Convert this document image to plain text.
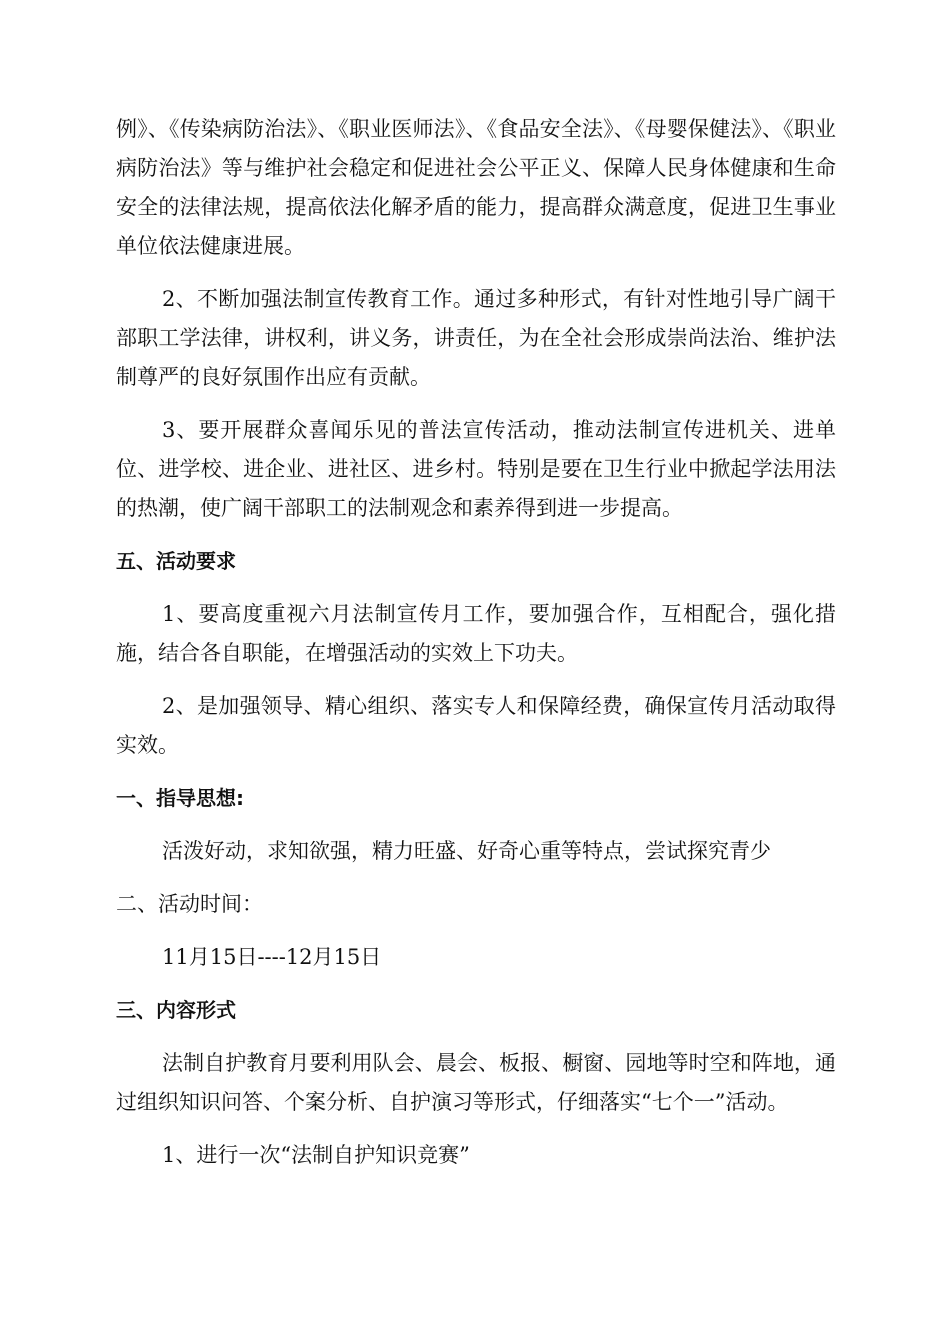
例》、《传染病防治法》、《职业医师法》、《食品安全法》、《母婴保健法》、《职业病防治法》等与维护社会稳定和促进社会公平正义、保障人民身体健康和生命安全的法律法规，提高依法化解矛盾的能力，提高群众满意度，促进卫生事业单位依法健康进展。

2、不断加强法制宣传教育工作。通过多种形式，有针对性地引导广阔干部职工学法律，讲权利，讲义务，讲责任，为在全社会形成崇尚法治、维护法制尊严的良好氛围作出应有贡献。

3、要开展群众喜闻乐见的普法宣传活动，推动法制宣传进机关、进单位、进学校、进企业、进社区、进乡村。特别是要在卫生行业中掀起学法用法的热潮，使广阔干部职工的法制观念和素养得到进一步提高。

五、活动要求

1、要高度重视六月法制宣传月工作，要加强合作，互相配合，强化措施，结合各自职能，在增强活动的实效上下功夫。

2、是加强领导、精心组织、落实专人和保障经费，确保宣传月活动取得实效。

一、指导思想:

活泼好动，求知欲强，精力旺盛、好奇心重等特点，尝试探究青少

二、活动时间：

11月15日----12月15日

三、内容形式

法制自护教育月要利用队会、晨会、板报、橱窗、园地等时空和阵地，通过组织知识问答、个案分析、自护演习等形式，仔细落实“七个一”活动。

1、进行一次“法制自护知识竞赛”
